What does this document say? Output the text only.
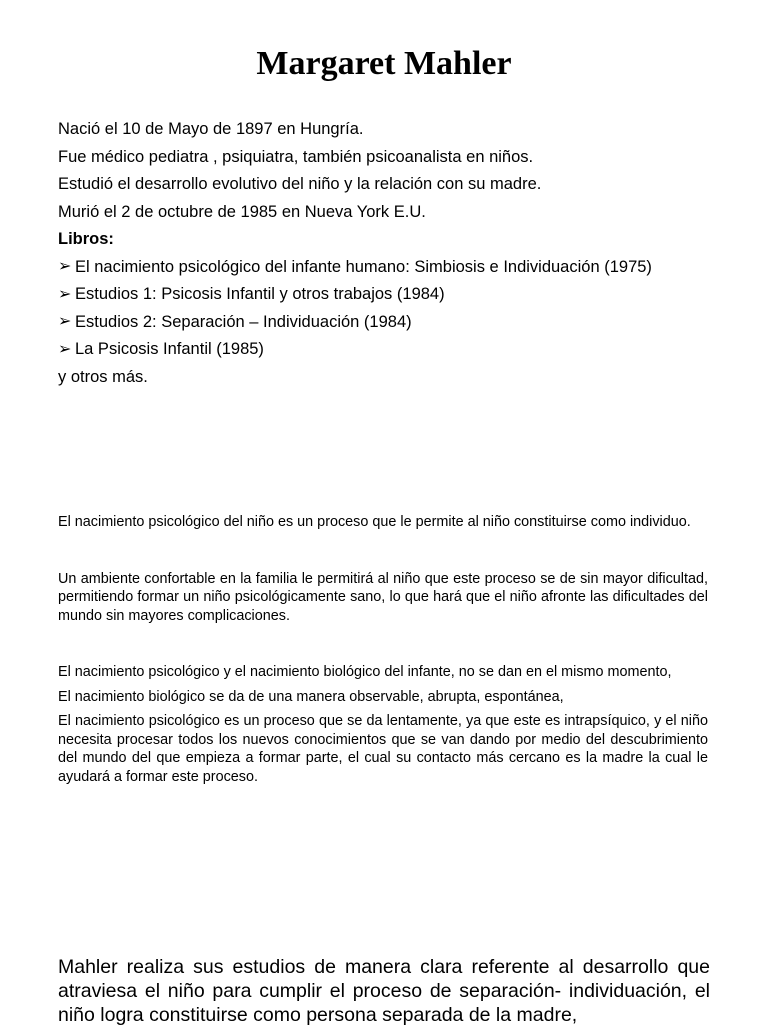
Margaret Mahler
Nació el 10 de Mayo de 1897 en Hungría.
Fue médico pediatra , psiquiatra, también psicoanalista en niños.
Estudió el desarrollo evolutivo del niño y la relación con su madre.
Murió el 2 de octubre de 1985 en Nueva York E.U.
Libros:
➢ El nacimiento psicológico del infante humano: Simbiosis e Individuación (1975)
➢ Estudios 1: Psicosis Infantil y otros trabajos (1984)
➢ Estudios 2: Separación – Individuación (1984)
➢ La Psicosis Infantil (1985)
y otros más.

El nacimiento psicológico del niño es un proceso que le permite al niño constituirse como individuo.

Un ambiente confortable en la familia le permitirá al niño que este proceso se de sin mayor dificultad, permitiendo formar un niño psicológicamente sano, lo que hará que el niño afronte las dificultades del mundo sin mayores complicaciones.

El nacimiento psicológico y el nacimiento biológico del infante, no se dan en el mismo momento,

El nacimiento biológico se da de una manera observable, abrupta, espontánea,

El nacimiento psicológico es un proceso que se da lentamente, ya que este es intrapsíquico, y el niño necesita procesar todos los nuevos conocimientos que se van dando por medio del descubrimiento del mundo del que empieza a formar parte, el cual su contacto más cercano es la madre la cual le ayudará a formar este proceso.

Mahler realiza sus estudios de manera clara referente al desarrollo que atraviesa el niño para cumplir el proceso de separación- individuación, el niño logra constituirse como persona separada de la madre,
